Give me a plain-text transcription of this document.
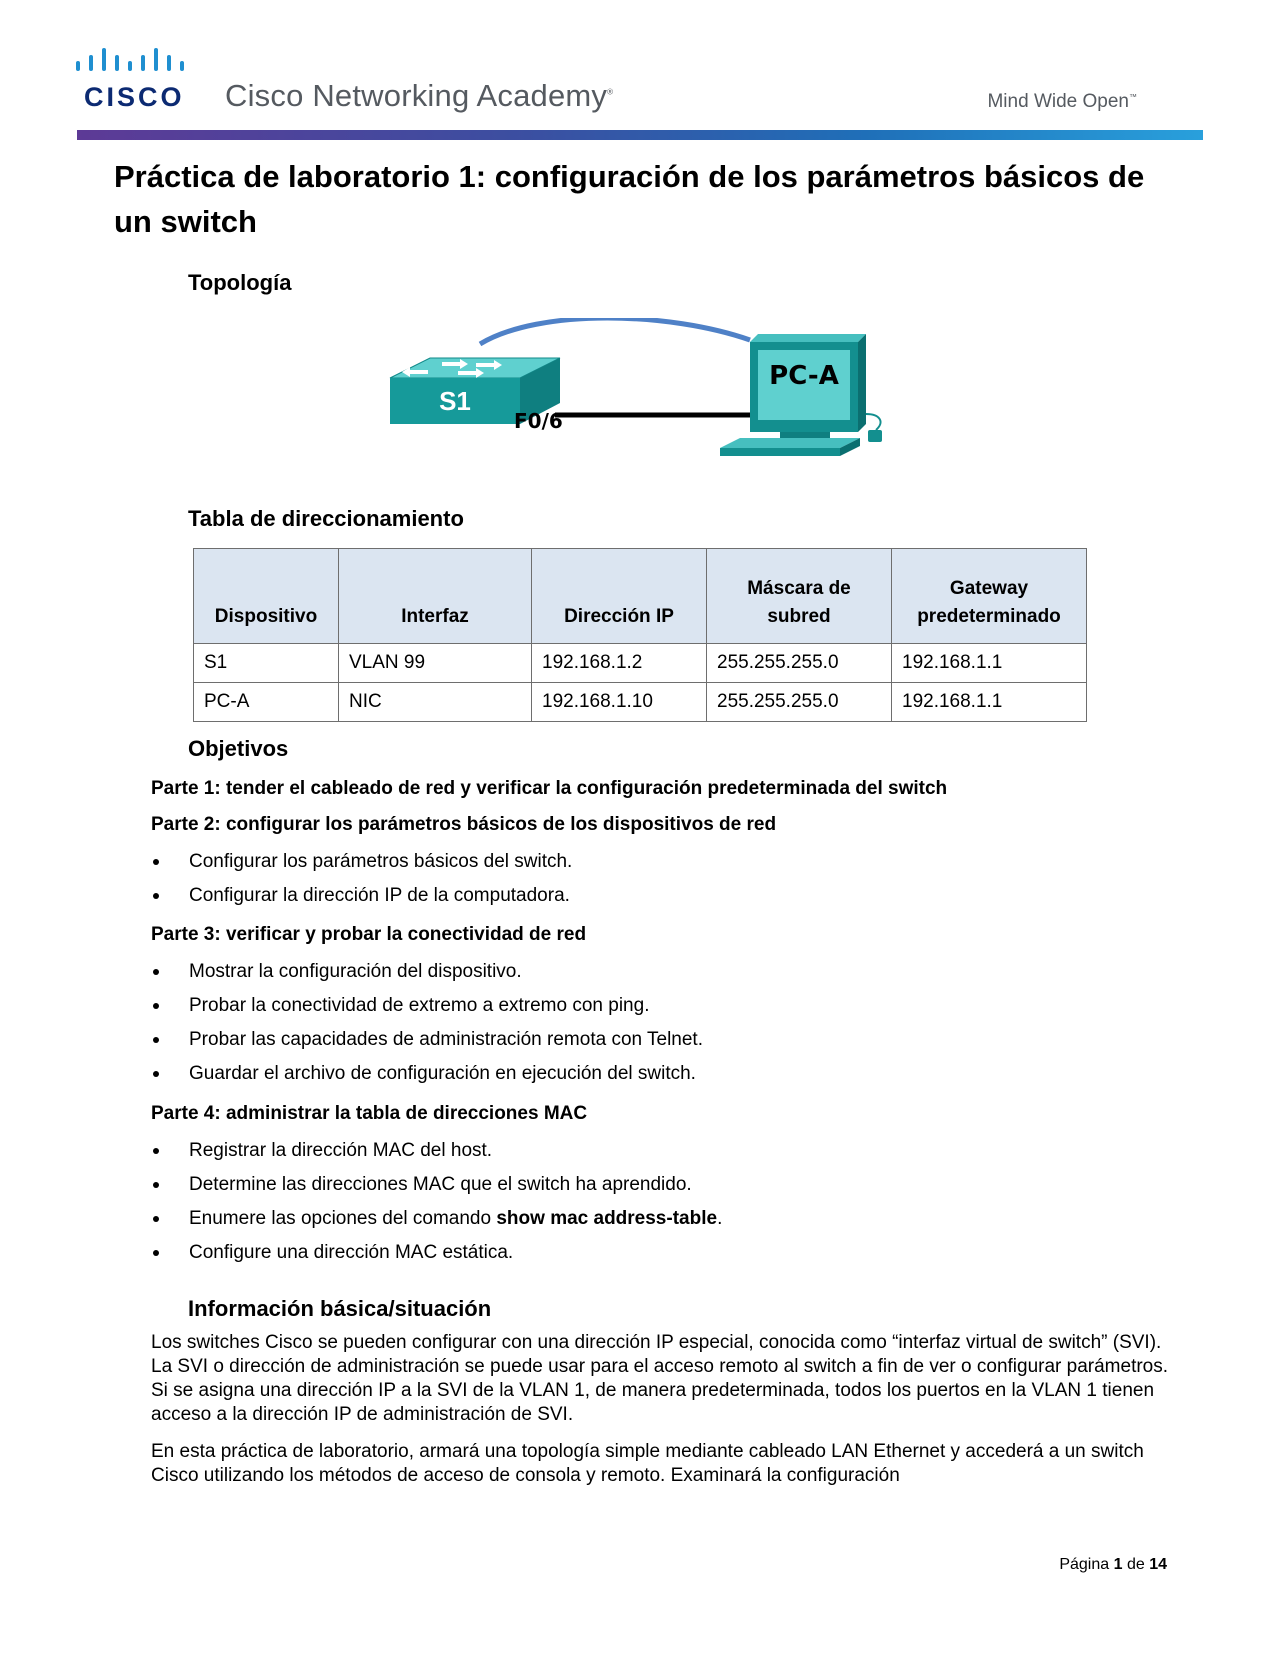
CISCO Cisco Networking Academy®	Mind Wide Open™
Práctica de laboratorio 1: configuración de los parámetros básicos de un switch
Topología
S1
F0/6
PC-A
Tabla de direccionamiento
Dispositivo	Interfaz	Dirección IP	Máscara de subred	Gateway predeterminado
S1	VLAN 99	192.168.1.2	255.255.255.0	192.168.1.1
PC-A	NIC	192.168.1.10	255.255.255.0	192.168.1.1
Objetivos
Parte 1: tender el cableado de red y verificar la configuración predeterminada del switch
Parte 2: configurar los parámetros básicos de los dispositivos de red
Configurar los parámetros básicos del switch.
Configurar la dirección IP de la computadora.
Parte 3: verificar y probar la conectividad de red
Mostrar la configuración del dispositivo.
Probar la conectividad de extremo a extremo con ping.
Probar las capacidades de administración remota con Telnet.
Guardar el archivo de configuración en ejecución del switch.
Parte 4: administrar la tabla de direcciones MAC
Registrar la dirección MAC del host.
Determine las direcciones MAC que el switch ha aprendido.
Enumere las opciones del comando show mac address-table.
Configure una dirección MAC estática.
Información básica/situación

Los switches Cisco se pueden configurar con una dirección IP especial, conocida como “interfaz virtual de switch” (SVI). La SVI o dirección de administración se puede usar para el acceso remoto al switch a fin de ver o configurar parámetros. Si se asigna una dirección IP a la SVI de la VLAN 1, de manera predeterminada, todos los puertos en la VLAN 1 tienen acceso a la dirección IP de administración de SVI.

En esta práctica de laboratorio, armará una topología simple mediante cableado LAN Ethernet y accederá a un switch Cisco utilizando los métodos de acceso de consola y remoto. Examinará la configuración

Página 1 de 14
